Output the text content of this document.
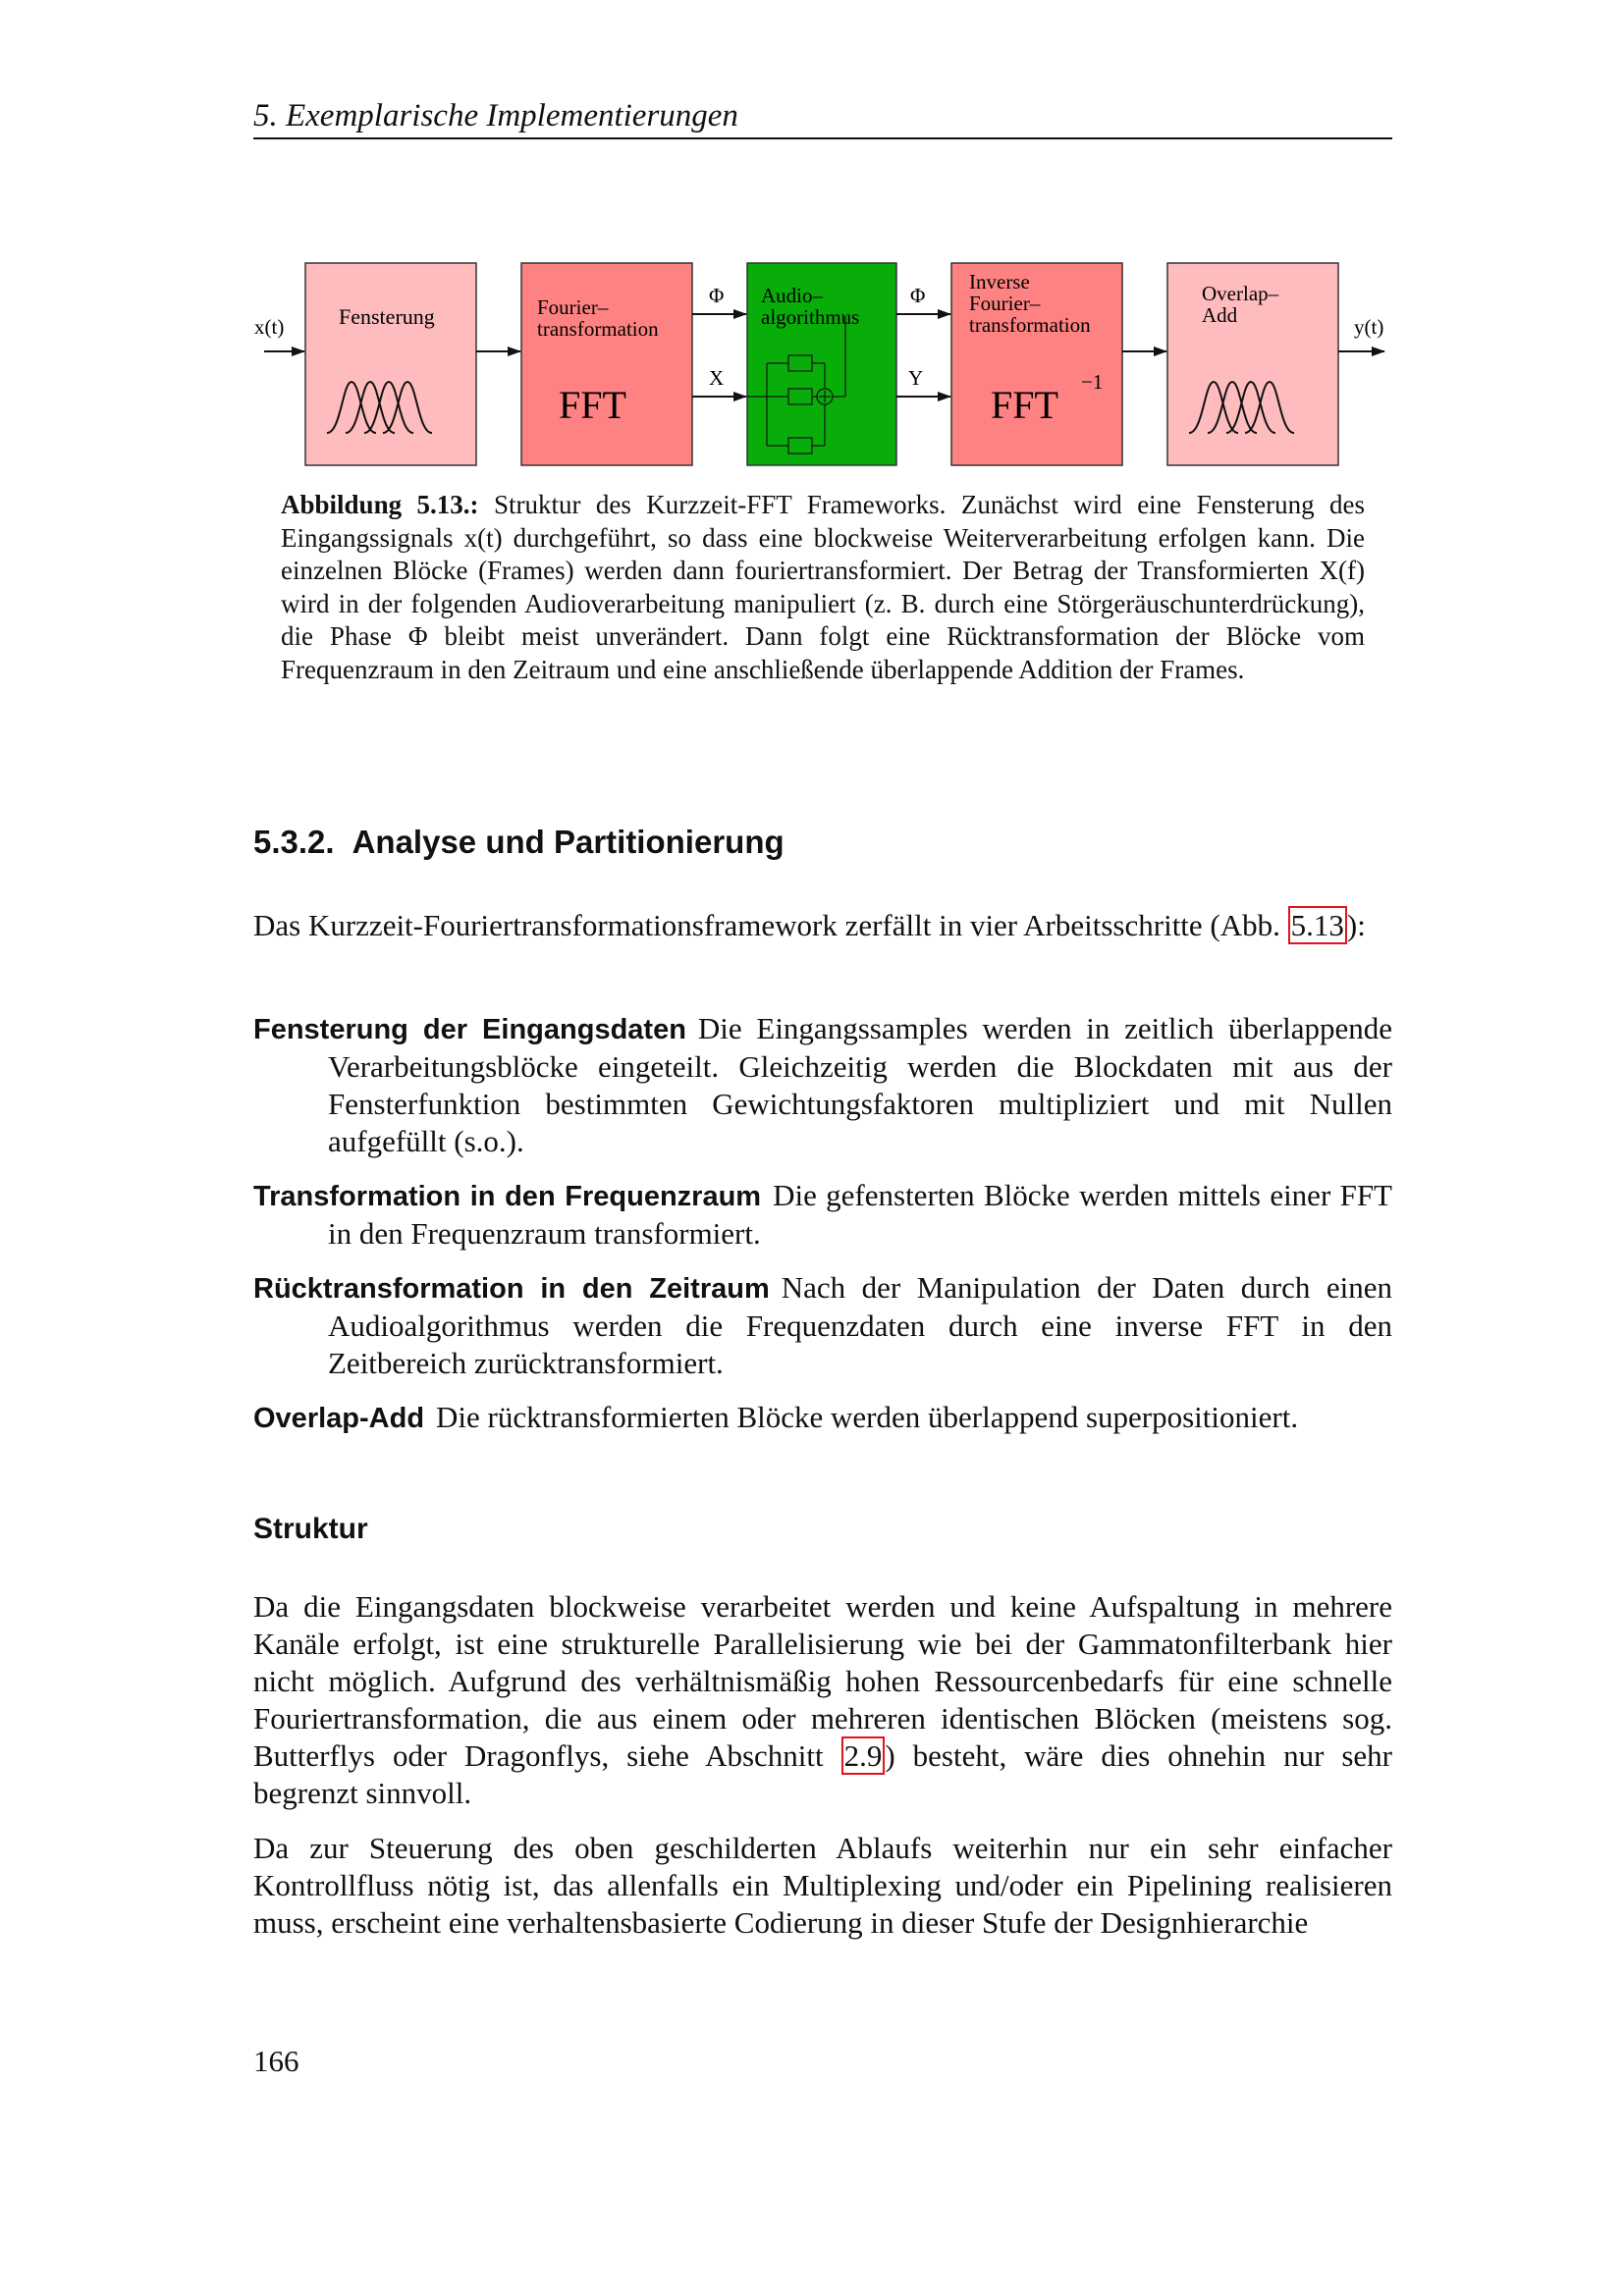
5. Exemplarische Implementierungen
x(t)	Fensterung	Fourier–
transformation
FFT
Φ
X
Audio–
algorithmus
Φ
Y
Inverse
Fourier–
transformation
FFT
−1
Overlap–
Add	y(t)
Abbildung 5.13.: Struktur des Kurzzeit-FFT Frameworks. Zunächst wird eine Fensterung des Eingangssignals x(t) durchgeführt, so dass eine blockweise Weiterverarbeitung erfolgen kann. Die einzelnen Blöcke (Frames) werden dann fouriertransformiert. Der Betrag der Transformierten X(f) wird in der folgenden Audioverarbeitung manipuliert (z. B. durch eine Störgeräuschunterdrückung), die Phase Φ bleibt meist unverändert. Dann folgt eine Rücktransformation der Blöcke vom Frequenzraum in den Zeitraum und eine anschließende überlappende Addition der Frames.
5.3.2. Analyse und Partitionierung
Das Kurzzeit-Fouriertransformationsframework zerfällt in vier Arbeitsschritte (Abb. 5.13):
Fensterung der Eingangsdaten Die Eingangssamples werden in zeitlich überlappende Verarbeitungsblöcke eingeteilt. Gleichzeitig werden die Blockdaten mit aus der Fensterfunktion bestimmten Gewichtungsfaktoren multipliziert und mit Nullen aufgefüllt (s.o.).
Transformation in den Frequenzraum Die gefensterten Blöcke werden mittels einer FFT in den Frequenzraum transformiert.
Rücktransformation in den Zeitraum Nach der Manipulation der Daten durch einen Audioalgorithmus werden die Frequenzdaten durch eine inverse FFT in den Zeitbereich zurücktransformiert.
Overlap-Add Die rücktransformierten Blöcke werden überlappend superpositioniert.
Struktur
Da die Eingangsdaten blockweise verarbeitet werden und keine Aufspaltung in mehrere Kanäle erfolgt, ist eine strukturelle Parallelisierung wie bei der Gammatonfilterbank hier nicht möglich. Aufgrund des verhältnismäßig hohen Ressourcenbedarfs für eine schnelle Fouriertransformation, die aus einem oder mehreren identischen Blöcken (meistens sog. Butterflys oder Dragonflys, siehe Abschnitt 2.9) besteht, wäre dies ohnehin nur sehr begrenzt sinnvoll.
Da zur Steuerung des oben geschilderten Ablaufs weiterhin nur ein sehr einfacher Kontrollfluss nötig ist, das allenfalls ein Multiplexing und/oder ein Pipelining realisieren muss, erscheint eine verhaltensbasierte Codierung in dieser Stufe der Designhierarchie
166
